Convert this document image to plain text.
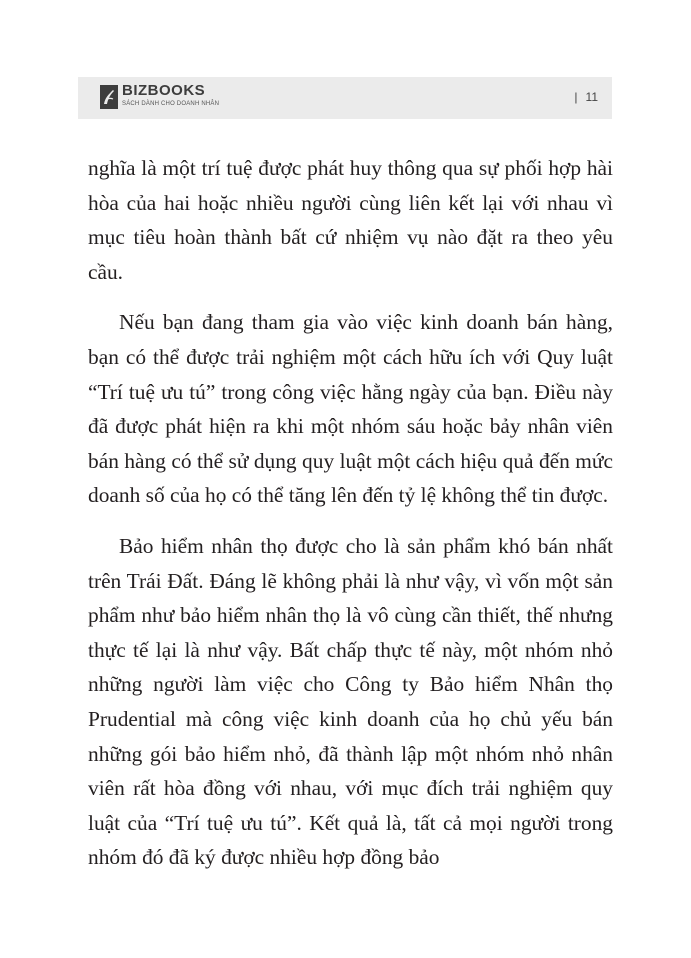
BIZBOOKS
SÁCH DÀNH CHO DOANH NHÂN	| 11

nghĩa là một trí tuệ được phát huy thông qua sự phối hợp hài hòa của hai hoặc nhiều người cùng liên kết lại với nhau vì mục tiêu hoàn thành bất cứ nhiệm vụ nào đặt ra theo yêu cầu.

Nếu bạn đang tham gia vào việc kinh doanh bán hàng, bạn có thể được trải nghiệm một cách hữu ích với Quy luật “Trí tuệ ưu tú” trong công việc hằng ngày của bạn. Điều này đã được phát hiện ra khi một nhóm sáu hoặc bảy nhân viên bán hàng có thể sử dụng quy luật một cách hiệu quả đến mức doanh số của họ có thể tăng lên đến tỷ lệ không thể tin được.

Bảo hiểm nhân thọ được cho là sản phẩm khó bán nhất trên Trái Đất. Đáng lẽ không phải là như vậy, vì vốn một sản phẩm như bảo hiểm nhân thọ là vô cùng cần thiết, thế nhưng thực tế lại là như vậy. Bất chấp thực tế này, một nhóm nhỏ những người làm việc cho Công ty Bảo hiểm Nhân thọ Prudential mà công việc kinh doanh của họ chủ yếu bán những gói bảo hiểm nhỏ, đã thành lập một nhóm nhỏ nhân viên rất hòa đồng với nhau, với mục đích trải nghiệm quy luật của “Trí tuệ ưu tú”. Kết quả là, tất cả mọi người trong nhóm đó đã ký được nhiều hợp đồng bảo
